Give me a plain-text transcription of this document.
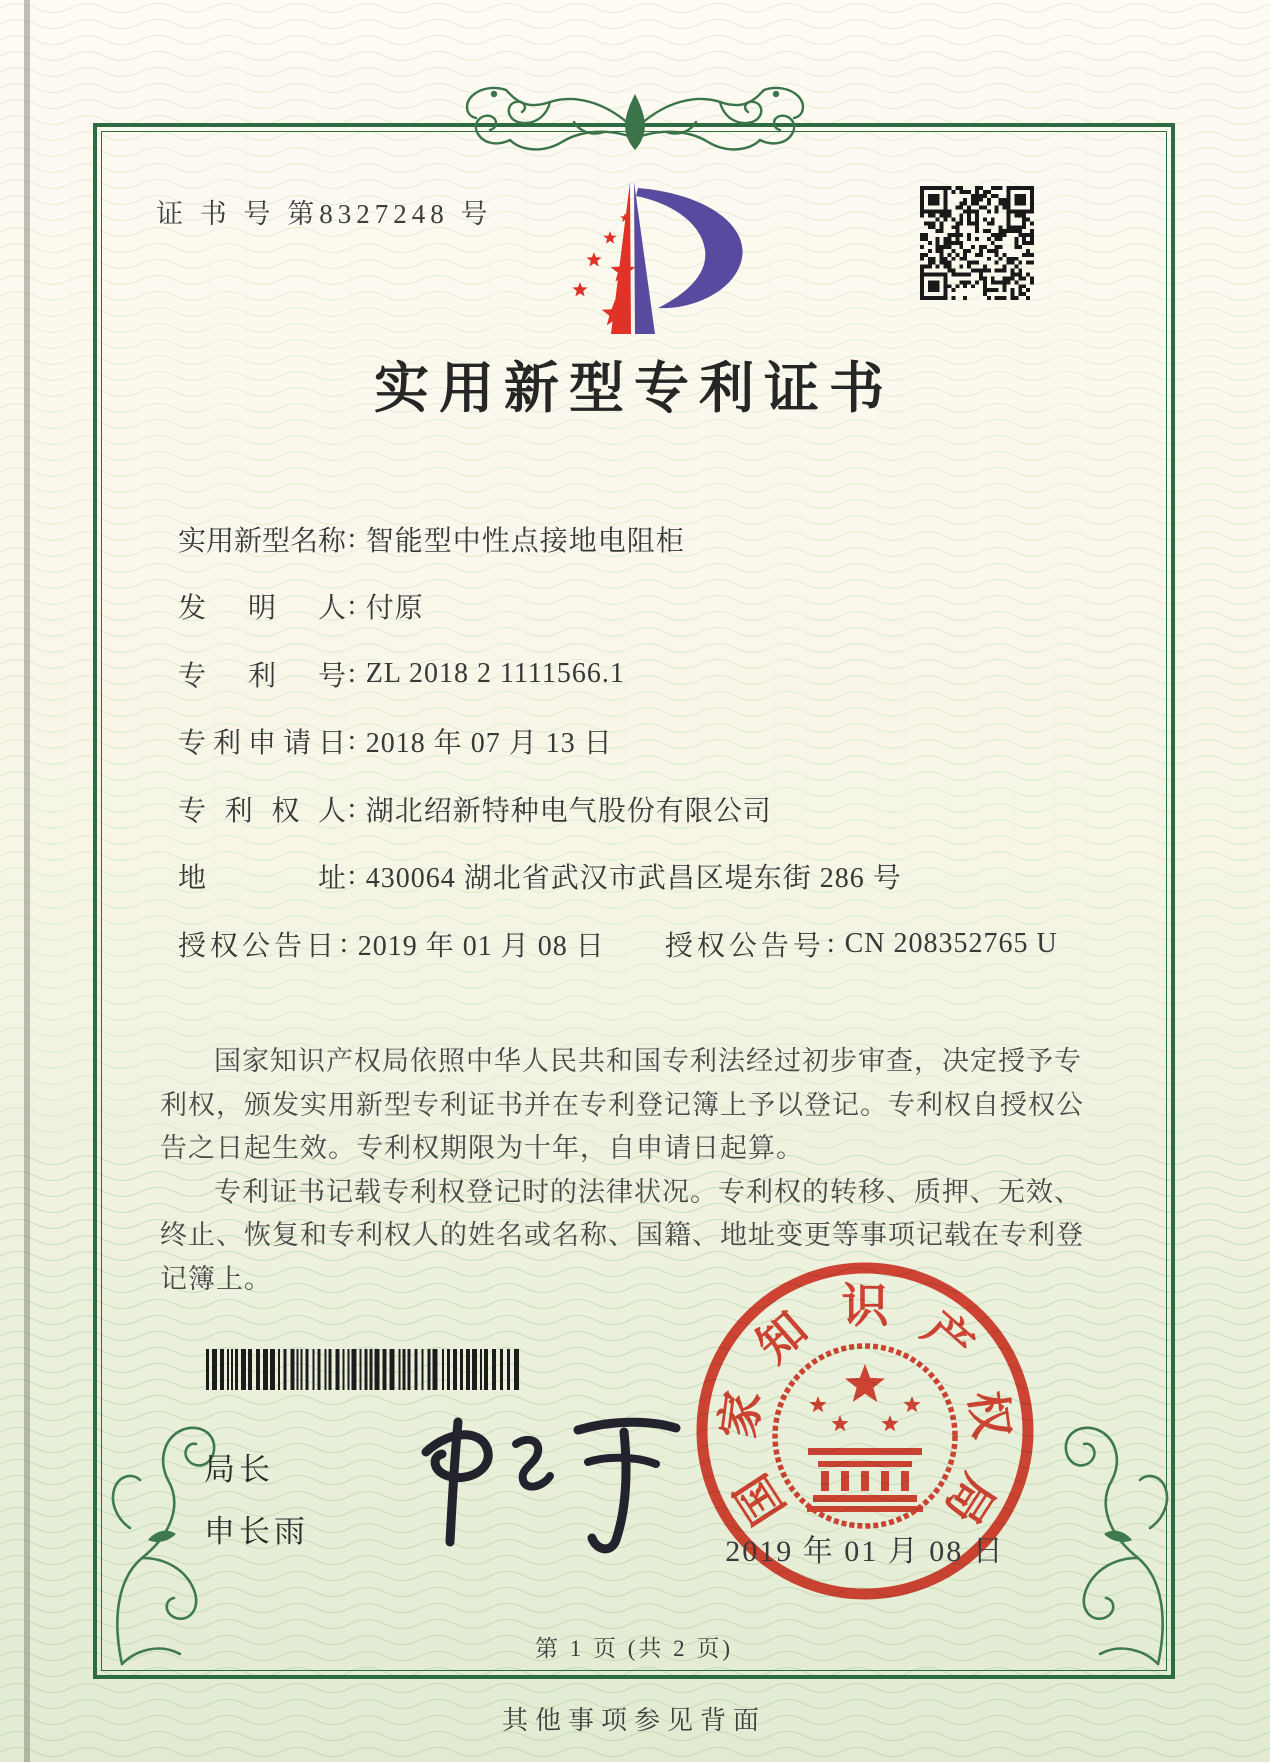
证 书 号 第8327248 号
实用新型专利证书
实用新型名称 : 智能型中性点接地电阻柜
发明人 : 付原
专利号 : ZL 2018 2 1111566.1
专利申请日 : 2018 年 07 月 13 日
专利权人 : 湖北绍新特种电气股份有限公司
地址 : 430064 湖北省武汉市武昌区堤东街 286 号
授权公告日 : 2019 年 01 月 08 日 授权公告号 : CN 208352765 U

国家知识产权局依照中华人民共和国专利法经过初步审查，决定授予专利权，颁发实用新型专利证书并在专利登记簿上予以登记。专利权自授权公告之日起生效。专利权期限为十年，自申请日起算。

专利证书记载专利权登记时的法律状况。专利权的转移、质押、无效、终止、恢复和专利权人的姓名或名称、国籍、地址变更等事项记载在专利登记簿上。

局长
申长雨	国
家
知 识 产
权
局
2019 年 01 月 08 日
第 1 页 (共 2 页)
其他事项参见背面
